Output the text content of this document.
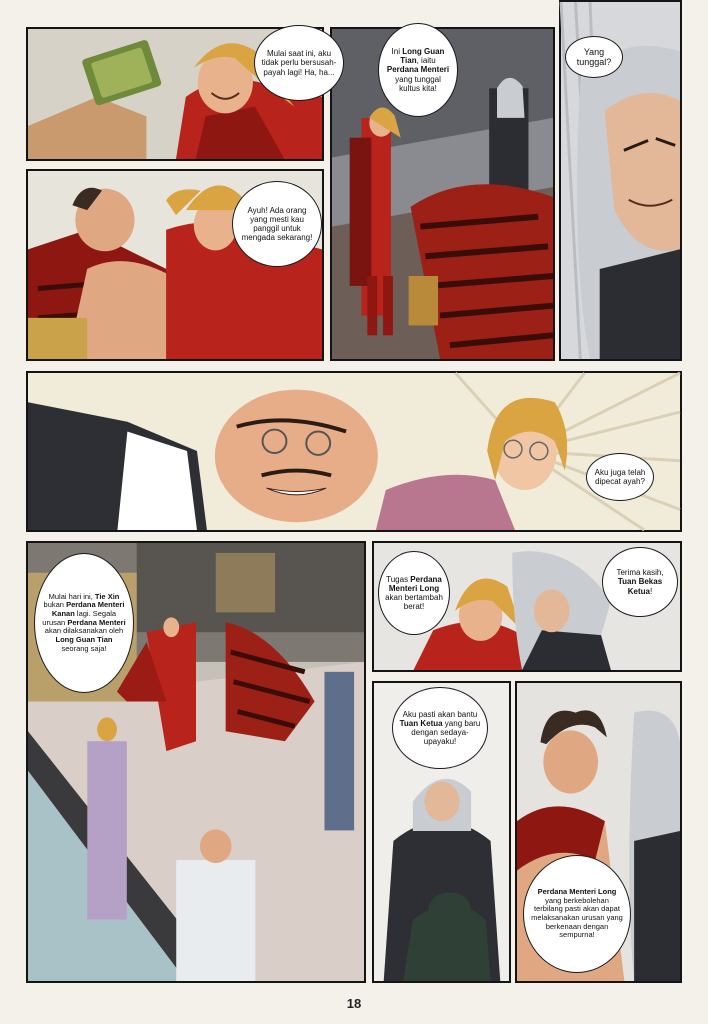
Mulai saat ini, aku tidak perlu bersusah-payah lagi! Ha, ha...
Ini Long Guan Tian, iaitu Perdana Menteri yang tunggal kultus kita!
Yang tunggal?
Ayuh! Ada orang yang mesti kau panggil untuk mengada sekarang!
Aku juga telah dipecat ayah?
Mulai hari ini, Tie Xin bukan Perdana Menteri Kanan lagi. Segala urusan Perdana Menteri akan dilaksanakan oleh Long Guan Tian seorang saja!
Tugas Perdana Menteri Long akan bertambah berat!
Terima kasih, Tuan Bekas Ketua!
Aku pasti akan bantu Tuan Ketua yang baru dengan sedaya-upayaku!
Perdana Menteri Long yang berkebolehan terbilang pasti akan dapat melaksanakan urusan yang berkenaan dengan sempurna!
18
